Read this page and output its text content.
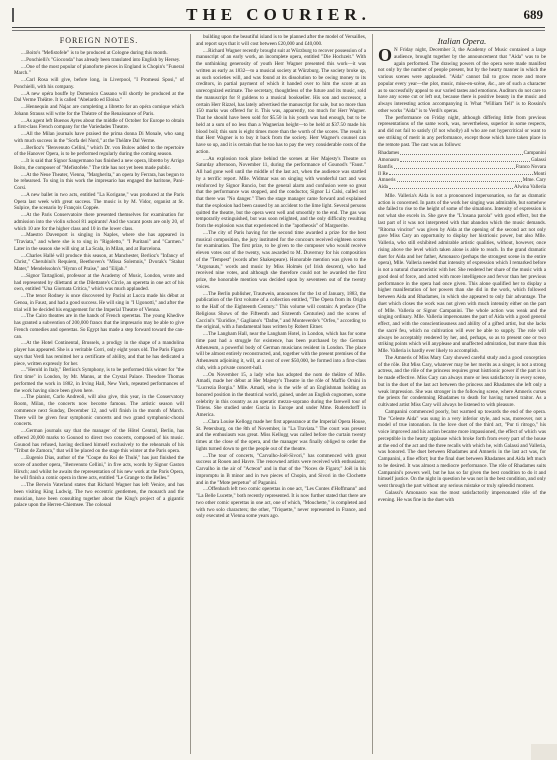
THE COURIER.	689
FOREIGN NOTES.

....Boito's "Mefistofele" is to be produced at Cologne during this month.

....Ponchielli's "Gioconda" has already been translated into English by Hersey.

....One of the most popular of pianoforte pieces in England is Chopin's "Funeral March."

....Carl Rosa will give, before long, in Liverpool, "I Promessi Sposi," of Ponchielli, with his company.

....A new opéra bouffe by Domenico Cassano will shortly be produced at the Dal Verme Théâtre. It is called "Abelardo ed Eloisa."

....Hennequin and Najac are completing a libretto for an opéra comique which Johann Strauss will write for the Théatre of the Renaissance of Paris.

....As agent left Buenos Ayres about the middle of October for Europe to obtain a first-class French company for the Variedades Theatre.

....All the Milan journals have praised the prima donna Di Monale, who sang with much success in the "Sorfa del Nord," at the Théâtre Dal Verme.

....Berlioz's "Benvenuto Cellini," which Dr. von Bulow added to the repertoire of the Hanover Opera, is to be performed regularly during the coming season.

....It is said that Signor Sangermano has finished a new opera, libretto by Arrigo Boito, the composer of "Mefistofele." The title has not yet been made public.

....At the Neue Theater, Vienna, "Margherita," an opera by Ferrara, has begun to be rehearsed. To sing in this work the impresario has engaged the baritone, Pani-Corsi.

....A new ballet in two acts, entitled "La Korigane," was produced at the Paris Opera last week with great success. The music is by M. Vidor, organist at St. Sulpice, the scenario by François Coppée.

....At the Paris Conservatoire there presented themselves for examination for admission into the violin school 81 aspirants! And the vacant posts are only 20, of which 10 are for the higher class and 10 in the lower class.

....Maestro Davenport is singing in Naples, where she has appeared in "Traviata," and where she is to sing in "Rigoletto," "I Puritani" and "Carmen." Later in the season she will sing at La Scala, in Milan, and at Barcelona.

....Charles Hallé will produce this season, at Manchester, Berlioz's "Infancy of Christ," Cherubini's Requiem, Beethoven's "Missa Solemnis," Dvorak's "Stabat Mater," Mendelssohn's "Hymn of Praise," and "Elijah."

....Signor Tartaglioni, professor at the Academy of Music, London, wrote and had represented by dilettanti at the Dilettante's Circle, an operetta in one act of his own, entitled "Una Giornata Critica," which was much applauded.

....The tenor Rodney is once discovered by Pacini at Lucca made his début at Genoa, in Faust, and had a good success. He will sing in "I Ugonotti," and after the trial will be decided his engagement for the Imperial Theatre of Vienna.

....The Cairo theatres are in the hands of French operettas. The young Khedive has granted a subvention of 200,000 francs that the impresario may be able to give French comedies and operettas. So Egypt has made a step forward toward the can-can.

....At the Hotel Continental, Brussels, a prodigy in the shape of a mandolina player has appeared. She is a veritable Corri, only eight years old. The Paris Figaro says that Verdi has remitted her a certificate of ability, and that he has dedicated a piece, written expressly for her.

...."Herold in Italy," Berlioz's Symphony, is to be performed this winter for "the first time" in London, by Mr. Manns, at the Crystal Palace. Theodore Thomas performed the work in 1882, in Irving Hall, New York, repeated performances of the work having since been given here.

....The pianist, Carlo Andreoli, will also give, this year, in the Conservatory Room, Milan, the concerts now become famous. The artistic season will commence next Sunday, December 12, and will finish in the month of March. There will be given four symphonic concerts and two grand symphonic-choral concerts.

....German journals say that the manager of the Hôtel Central, Berlin, has offered 20,000 marks to Gounod to direct two concerts, composed of his music. Gounod has refused, having declined himself exclusively to the rehearsals of his "Tribut de Zamora," that will be placed on the stage this winter at the Paris opera.

....Eugenio Dias, author of the "Coupe du Roi de Thulé," has just finished the score of another opera, "Benvenuto Cellini," in five acts, words by Signor Gaston Hirsch; and whilst he awaits the representation of his new work at the Paris Opera, he will finish a comic opera in three acts, entitled "Le Grange to the Belles."

....The Berwin Vaterland states that Richard Wagner has left Venice, and has been visiting King Ludwig. The two eccentric gentlemen, the monarch and the musician, have been consulting together about the King's project of a gigantic palace upon the Herren-Chiemsee. The colossal

building upon the beautiful island is to be planned after the model of Versailles, and report says that it will cost between £20,000 and £40,000.

....Richard Wagner recently brought suit at Würzburg to recover possession of a manuscript of an early work, an incomplete opera, entitled "Die Hochzeit." With the unthinking generosity of youth Herr Wagner presented this work—it was written as early as 1832—to a musical society at Würzburg. The society broke up, as such societies will, and was found at its dissolution to be owing money to its creditors, in partial payment of which it handed over to him the score at an unrecognized estimate. The secretary, thoughtless of the future and its music, sold the manuscript for 8 guldens to a musical bookseller. His son and successor, a certain Herr Rizzel, has lately advertised the manuscript for sale, but no more than 150 marks was offered for it. This was, apparently, too much for Herr Wagner. That he should have been sold for $5.50 in his youth was bad enough, but to be held at a sum of no less than a Wagnerian height—to be held at $37.50 made his blood boil; this sum is eight times more than the worth of the scores. The result is that Herr Wagner is to buy it back from the society. Herr Wagner's counsel can have so up, and it is certain that he too has to pay the very considerable costs of the action.

....An explosion took place behind the scenes at Her Majesty's Theatre on Saturday afternoon, November 11, during the performance of Gounod's "Faust." All had gone well until the middle of the last act, when the audience was startled by a terrific report. Mlle. Widmar was on singing with wonderful tact and was reinforced by Signor Runcio, but the general alarm and confusion were so great that the performance was stopped, and the conductor, Signor Li Calsi, called out that there was "No danger." Then the stage manager came forward and explained that the explosion had been caused by an accident to the lime light. Several persons quitted the theatre, but the opera went well and smoothly to the end. The gas was temporarily extinguished, but was soon relighted, and the only difficulty resulting from the explosion was that experienced in the "apotheosis" of Marguerite.

....The city of Paris having for the second time awarded a prize for the best musical composition, the jury instituted for the concours received eighteen scores for examination. The first prize, to be given to the composer who would receive eleven votes out of the twenty, was awarded to M. Duvernoy for his composition of the "Tempest" (words after Shakespeare). Honorable mention was given to the "Argonauts," words and music by Miss Holmès (of Irish descent), who had received nine votes, and although she therefore could not be awarded the first prize, the honorable mention was decided upon by seventeen out of the twenty voices.

....The Berlin publisher, Trautwein, announces for the 1st of January, 1883, the publication of the first volume of a collection entitled, "The Opera from its Origin to the Half of the Eighteenth Century." This volume will contain: A preface (The Religious Shows of the Fifteenth and Sixteenth Centuries) and the scores of Caccini's "Euridice," Gagliano's "Dafne," and Monteverde's "Orfeo," according to the original, with a fundamental bass written by Robert Eitner.

....The Langham Hall, near the Langham Hotel, in London, which has for some time past had a struggle for existence, has been purchased by the German Athenæum, a powerful body of German musicians resident in London. The place will be almost entirely reconstructed, and, together with the present premises of the Athenæum adjoining it, will, at a cost of over $50,000, be formed into a first-class club, with a private concert-hall.

....On November 15, a lady who has adopted the nom de théâtre of Mlle. Amadi, made her début at Her Majesty's Theatre in the rôle of Maffio Orsini in "Lucrezia Borgia." Mlle. Amadi, who is the wife of an Englishman holding an honored position in the theatrical world, gained, under an English cognomen, some celebrity in this country as an operatic mezzo-soprano during the farewell tour of Titiens. She studied under Garcia in Europe and under Mme. Rudersdorff in America.

....Clara Louise Kellogg made her first appearance at the Imperial Opera House, St. Petersburg, on the 8th of November, in "La Traviata." The court was present and the enthusiasm was great. Miss Kellogg was called before the curtain twenty times at the close of the opera, and the manager was finally obliged to order the lights turned down to get the people out of the theatre.

....The tour of concerts, "Carvalho-Joël-Sivori," has commenced with great success at Rouen and Havre. The renowned artists were received with enthusiasm; Carvalho in the air of "Acteon" and in that of the "Noces de Figaro;" Joël in his impromptu in B minor and in two pieces of Chopin, and Sivori in the Clochette and in the "Mote perpetuo" of Paganini.

....Offenbach left two comic operettas in one act, "Les Contes d'Hoffmann" and "La Belle Lucette," both recently represented. It is now further stated that there are two other comic operettas in one act, one of which, "Mouchette," is completed and with two solo characters; the other, "Triquette," never represented in France, and only executed at Vienna some years ago.

Italian Opera.

O N Friday night, December 3, the Academy of Music contained a large audience, brought together by the announcement that "Aida" was to be again performed. The drawing powers of the opera were made manifest not only by the number of people present, but by the hearty manner in which the various scenes were applauded. "Aida" cannot fail to grow more and more popular every year—the plot, music, mise-en-scène, &c., are of such a character as to successfully appeal to our varied tastes and emotions. Auditors do not care to have any scene cut or left out, because there is positive beauty in the music and always interesting action accompanying it. What "William Tell" is to Rossini's other works "Aida" is to Verdi's operas.

The performance on Friday night, although differing little from previous representations of the same work, was, nevertheless, superior in some respects, and did not fail to satisfy (if not wholly) all who are not hypercritical or want to see striking of merit in any performance, except those which have taken place in the remote past. The cast was as follows:

Rhadames	Campanini
Amonasro	Galassi
Ramfis	Franco Novara
Il Re	Monti
Amneris	Mme. Cary
Aida	Alwina Valleria

Mlle. Valleria's Aida is not a pronounced impersonation, so far as dramatic action is concerned. In parts of the work her singing was admirable, but somehow she failed to rise to the height of some of the situations. Intensity of expression is not what she excels in. She gave the "L'insana parola" with good effect, but the last part of it was not interpreted with that abandon which the music demands. "Ritorna vincitor" was given by Aida at the opening of the second act not only gave Miss Cary an opportunity to display her histrionic power, but also Mlle. Valleria, who still exhibited admirable artistic qualities, without, however, once rising above the level which taken alone is able to reach. In the grand dramatic duet for Aida and her father, Amonasro (perhaps the strongest scene in the entire opera), Mlle. Valleria needed that intensity of expression which I remarked before is not a natural characteristic with her. She rendered her share of the music with a good deal of force, and acted with more intelligence and fervor than her previous performance in the opera had once given. This alone qualified her to display a higher manifestation of her powers than she did in the work, which followed between Aida and Rhadames, in which she appeared to only fair advantage. The duet which closes the work was not given with much intensity either on the part of Mlle. Valleria or Signor Campanini. The whole action was weak and the singing ordinary. Mlle. Valleria impersonates the part of Aida with a good general effect, and with the conscientiousness and ability of a gifted artist, but she lacks the sacré feu, which no cultivation will ever be able to supply. The role will always be acceptably rendered by her, and, perhaps, so as to present one or two striking points which will anyplease and unaffected admiration, but more than this Mlle. Valleria is hardly ever likely to accomplish.

The Amneris of Miss Mary Cary showed careful study and a good conception of the rôle. But Miss Cary, whatever may be her merits as a singer, is not a strong actress, and the rôle of the princess requires great histrionic power if the part is to be made effective. Miss Cary can always more or less satisfactory in every scene, but in the duet of the last act between the princess and Rhadames she left only a weak impression. She was stronger in the following scene, where Amneris curses the priests for condemning Rhadames to death for having turned traitor. As a cultivated artist Miss Cary will always be listened to with pleasure.

Campanini commenced poorly, but warmed up towards the end of the opera. The "Celeste Aida" was sung in a very inferior style, and was, moreover, not a model of true intonation. In the love duet of the third act, "Pur ti ritrogo," his voice improved and his action became more impassioned, the effect of which was perceptible in the hearty applause which broke forth from every part of the house at the end of the act and the three recalls with which he, with Galassi and Valleria, was honored. The duet between Rhadames and Amneris in the last act was, for Campanini, a fine effort; but the final duet between Rhadames and Aida left much to be desired. It was almost a mediocre performance. The rôle of Rhadames suits Campanini's powers well, but he has so far given the best condition to do it and himself justice. On the night in question he was not in the best condition, and only went through the part without any serious mistake or truly splendid moment.

Galassi's Amonasro was the most satisfactorily impersonated rôle of the evening. He was fine in the duet with
